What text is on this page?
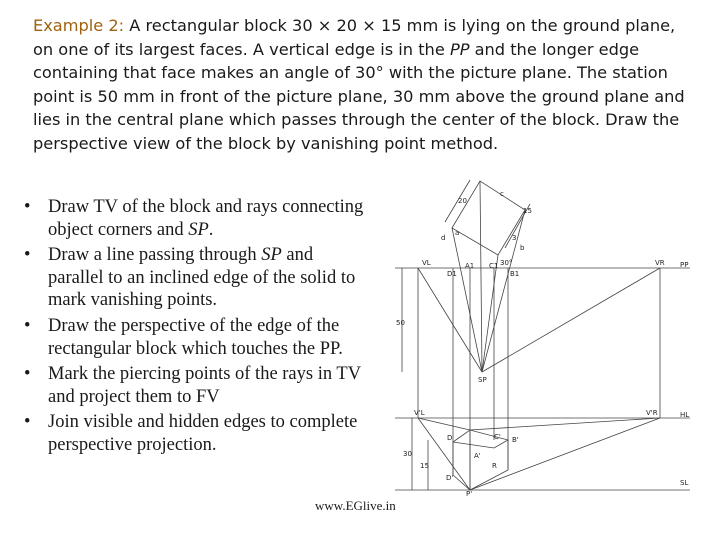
Example 2: A rectangular block 30 × 20 × 15 mm is lying on the ground plane, on one of its largest faces. A vertical edge is in the PP and the longer edge containing that face makes an angle of 30° with the picture plane. The station point is 50 mm in front of the picture plane, 30 mm above the ground plane and lies in the central plane which passes through the center of the block. Draw the perspective view of the block by vanishing point method.
• Draw TV of the block and rays connecting object corners and SP.
• Draw a line passing through SP and parallel to an inclined edge of the solid to mark vanishing points.
• Draw the perspective of the edge of the rectangular block which touches the PP.
• Mark the piercing points of the rays in TV and project them to FV
• Join visible and hidden edges to complete perspective projection.
www.EGlive.in
20
15
c
d
a
b
3
VL	VR PP
D1
A1 C1 30°
B1
50
SP
V'L	V'R	HL
30
15
D	C' B'
A'
R
D'
P'
SL
